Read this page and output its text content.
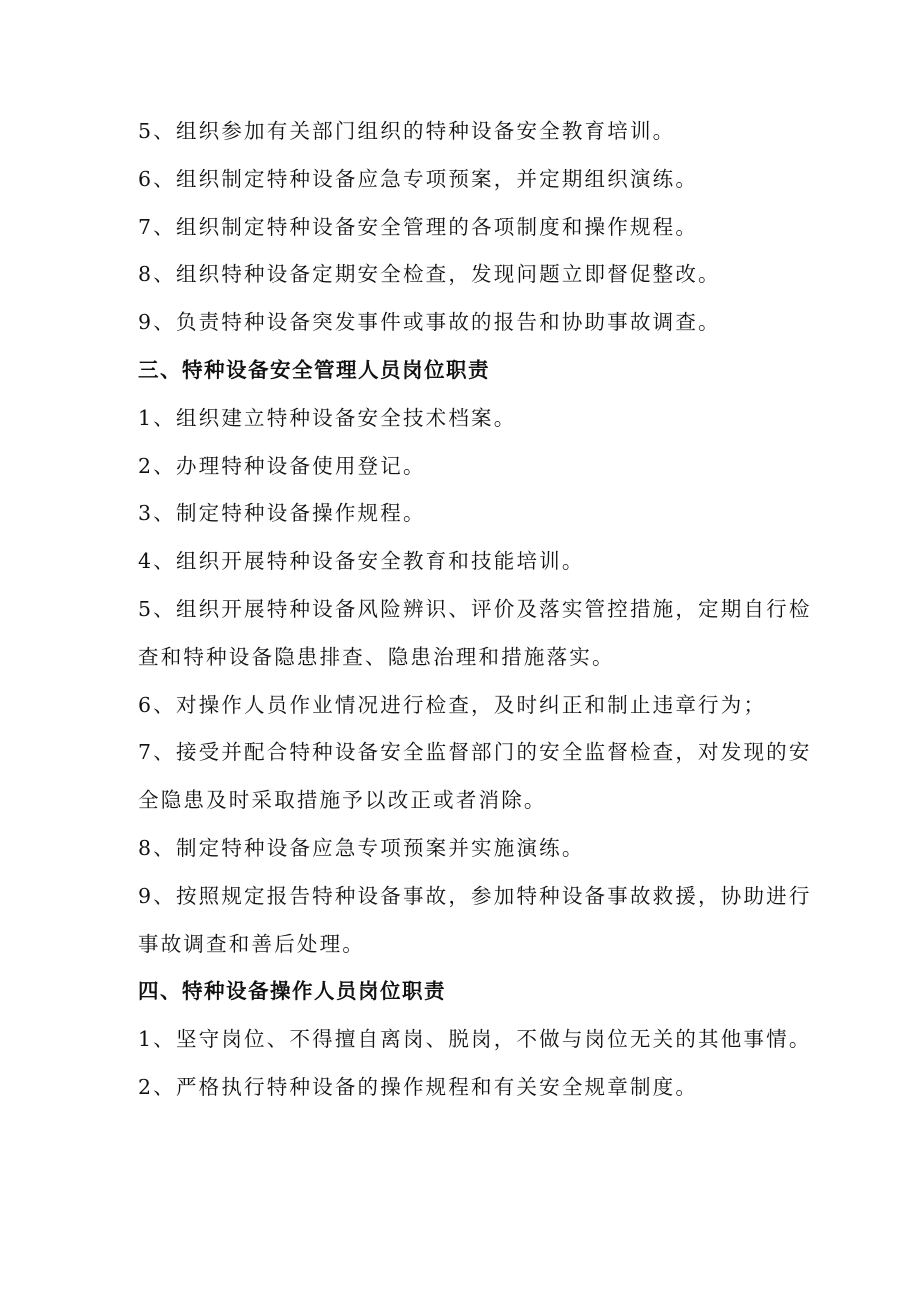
5、组织参加有关部门组织的特种设备安全教育培训。
6、组织制定特种设备应急专项预案，并定期组织演练。
7、组织制定特种设备安全管理的各项制度和操作规程。
8、组织特种设备定期安全检查，发现问题立即督促整改。
9、负责特种设备突发事件或事故的报告和协助事故调查。
三、特种设备安全管理人员岗位职责
1、组织建立特种设备安全技术档案。
2、办理特种设备使用登记。
3、制定特种设备操作规程。
4、组织开展特种设备安全教育和技能培训。
5、组织开展特种设备风险辨识、评价及落实管控措施，定期自行检
查和特种设备隐患排查、隐患治理和措施落实。
6、对操作人员作业情况进行检查，及时纠正和制止违章行为；
7、接受并配合特种设备安全监督部门的安全监督检查，对发现的安
全隐患及时采取措施予以改正或者消除。
8、制定特种设备应急专项预案并实施演练。
9、按照规定报告特种设备事故，参加特种设备事故救援，协助进行
事故调查和善后处理。
四、特种设备操作人员岗位职责
1、坚守岗位、不得擅自离岗、脱岗，不做与岗位无关的其他事情。
2、严格执行特种设备的操作规程和有关安全规章制度。
